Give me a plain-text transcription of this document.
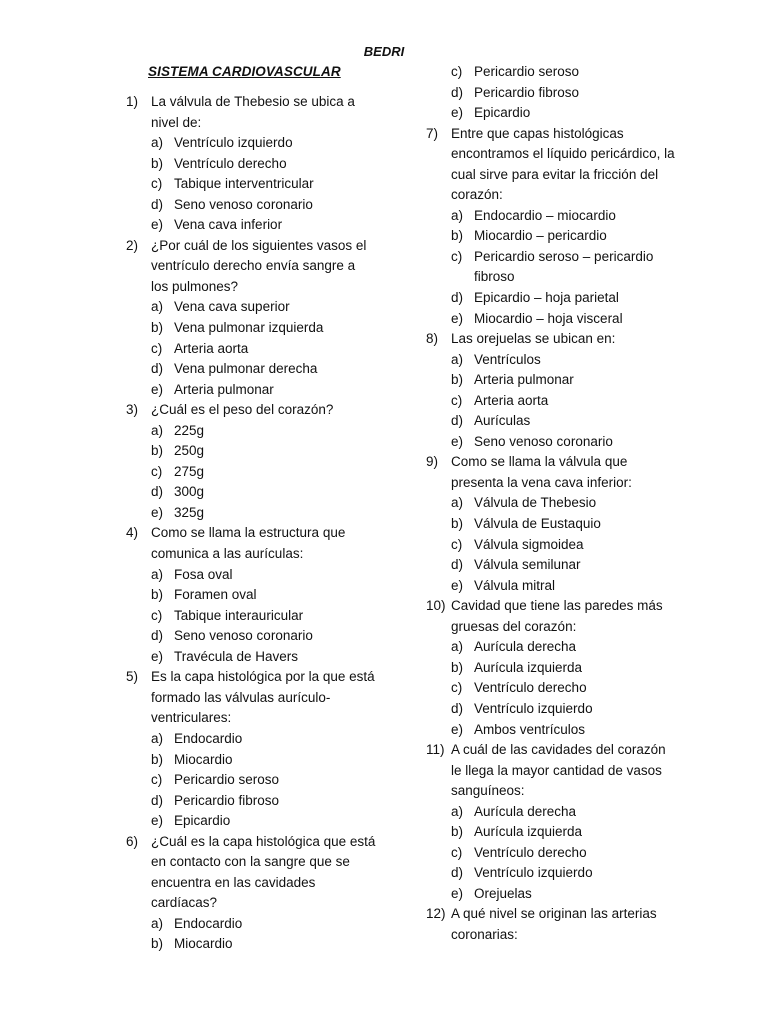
BEDRI
SISTEMA CARDIOVASCULAR
1) La válvula de Thebesio se ubica a nivel de:
a) Ventrículo izquierdo
b) Ventrículo derecho
c) Tabique interventricular
d) Seno venoso coronario
e) Vena cava inferior
2) ¿Por cuál de los siguientes vasos el ventrículo derecho envía sangre a los pulmones?
a) Vena cava superior
b) Vena pulmonar izquierda
c) Arteria aorta
d) Vena pulmonar derecha
e) Arteria pulmonar
3) ¿Cuál es el peso del corazón?
a) 225g
b) 250g
c) 275g
d) 300g
e) 325g
4) Como se llama la estructura que comunica a las aurículas:
a) Fosa oval
b) Foramen oval
c) Tabique interauricular
d) Seno venoso coronario
e) Travécula de Havers
5) Es la capa histológica por la que está formado las válvulas aurículo-ventriculares:
a) Endocardio
b) Miocardio
c) Pericardio seroso
d) Pericardio fibroso
e) Epicardio
6) ¿Cuál es la capa histológica que está en contacto con la sangre que se encuentra en las cavidades cardíacas?
a) Endocardio
b) Miocardio
c) Pericardio seroso
d) Pericardio fibroso
e) Epicardio
7) Entre que capas histológicas encontramos el líquido pericárdico, la cual sirve para evitar la fricción del corazón:
a) Endocardio – miocardio
b) Miocardio – pericardio
c) Pericardio seroso – pericardio fibroso
d) Epicardio – hoja parietal
e) Miocardio – hoja visceral
8) Las orejuelas se ubican en:
a) Ventrículos
b) Arteria pulmonar
c) Arteria aorta
d) Aurículas
e) Seno venoso coronario
9) Como se llama la válvula que presenta la vena cava inferior:
a) Válvula de Thebesio
b) Válvula de Eustaquio
c) Válvula sigmoidea
d) Válvula semilunar
e) Válvula mitral
10) Cavidad que tiene las paredes más gruesas del corazón:
a) Aurícula derecha
b) Aurícula izquierda
c) Ventrículo derecho
d) Ventrículo izquierdo
e) Ambos ventrículos
11) A cuál de las cavidades del corazón le llega la mayor cantidad de vasos sanguíneos:
a) Aurícula derecha
b) Aurícula izquierda
c) Ventrículo derecho
d) Ventrículo izquierdo
e) Orejuelas
12) A qué nivel se originan las arterias coronarias:
